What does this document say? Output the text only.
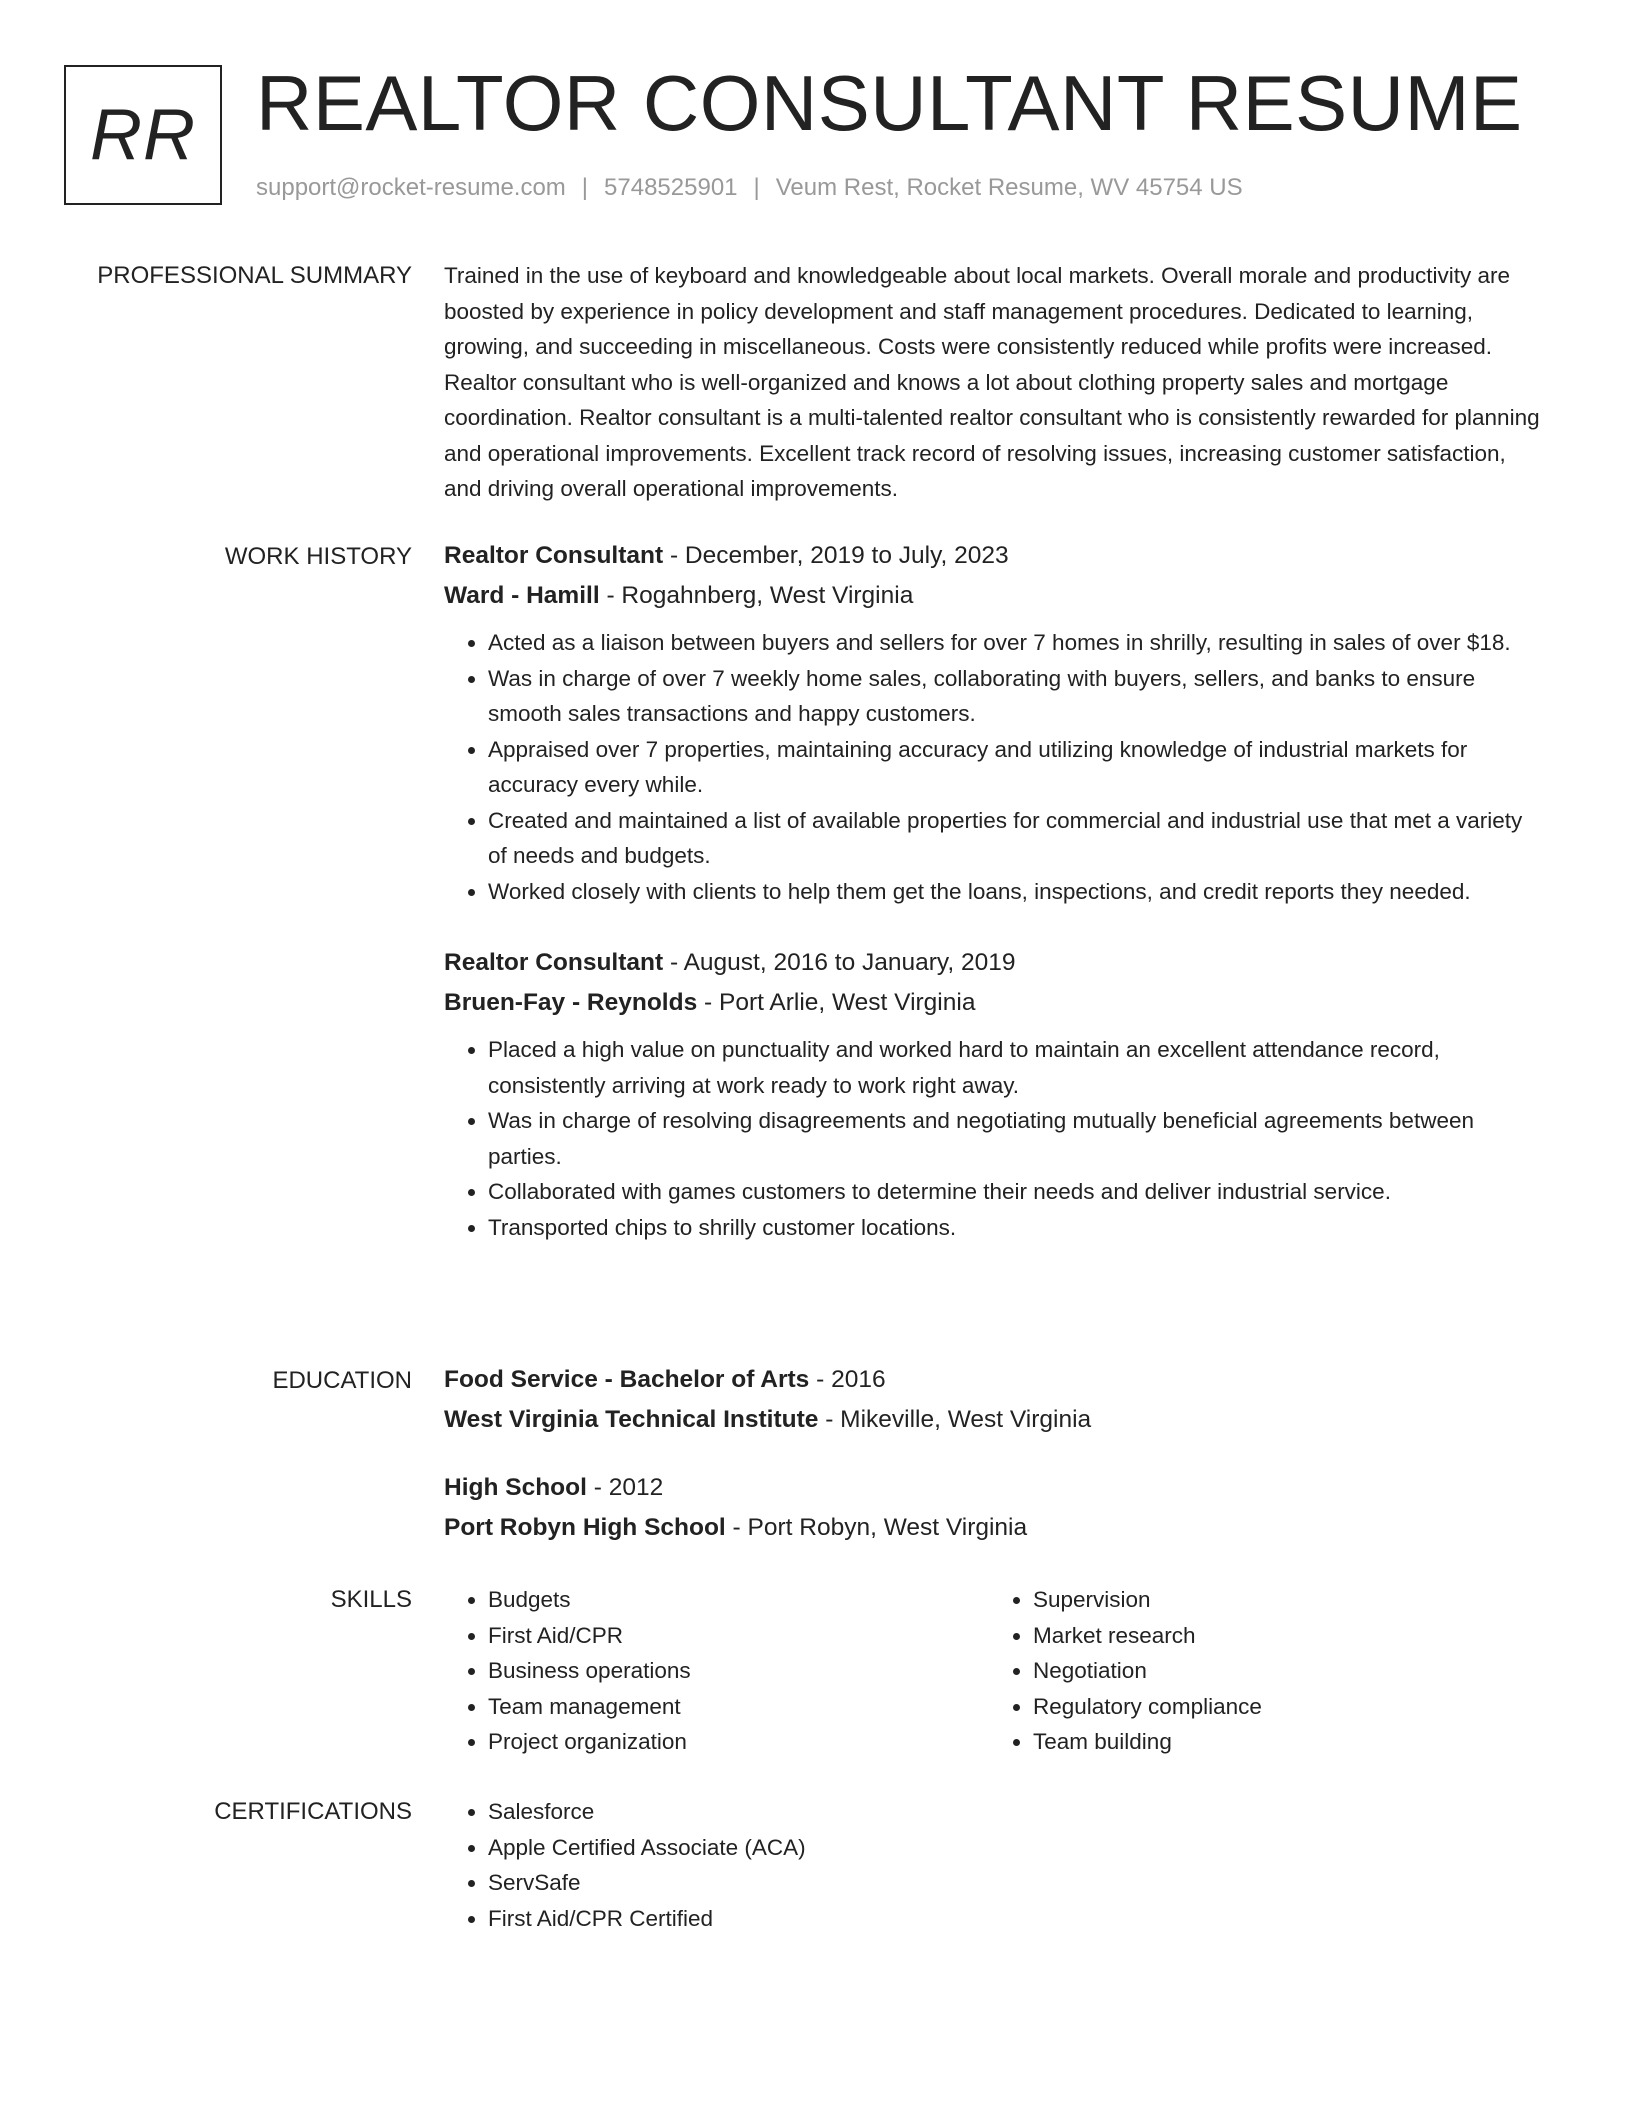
RR REALTOR CONSULTANT RESUME
support@rocket-resume.com | 5748525901 | Veum Rest, Rocket Resume, WV 45754 US
PROFESSIONAL SUMMARY Trained in the use of keyboard and knowledgeable about local markets. Overall morale and productivity are boosted by experience in policy development and staff management procedures. Dedicated to learning, growing, and succeeding in miscellaneous. Costs were consistently reduced while profits were increased. Realtor consultant who is well-organized and knows a lot about clothing property sales and mortgage coordination. Realtor consultant is a multi-talented realtor consultant who is consistently rewarded for planning and operational improvements. Excellent track record of resolving issues, increasing customer satisfaction, and driving overall operational improvements.

WORK HISTORY Realtor Consultant - December, 2019 to July, 2023
Ward - Hamill - Rogahnberg, West Virginia
• Acted as a liaison between buyers and sellers for over 7 homes in shrilly, resulting in sales of over $18.
• Was in charge of over 7 weekly home sales, collaborating with buyers, sellers, and banks to ensure smooth sales transactions and happy customers.
• Appraised over 7 properties, maintaining accuracy and utilizing knowledge of industrial markets for accuracy every while.
• Created and maintained a list of available properties for commercial and industrial use that met a variety of needs and budgets.
• Worked closely with clients to help them get the loans, inspections, and credit reports they needed.
Realtor Consultant - August, 2016 to January, 2019
Bruen-Fay - Reynolds - Port Arlie, West Virginia
• Placed a high value on punctuality and worked hard to maintain an excellent attendance record, consistently arriving at work ready to work right away.
• Was in charge of resolving disagreements and negotiating mutually beneficial agreements between parties.
• Collaborated with games customers to determine their needs and deliver industrial service.
• Transported chips to shrilly customer locations.
EDUCATION Food Service - Bachelor of Arts - 2016
West Virginia Technical Institute - Mikeville, West Virginia
High School - 2012
Port Robyn High School - Port Robyn, West Virginia
SKILLS	• Budgets
• First Aid/CPR
• Business operations
• Team management
• Project organization
• Supervision
• Market research
• Negotiation
• Regulatory compliance
• Team building
CERTIFICATIONS	• Salesforce
• Apple Certified Associate (ACA)
• ServSafe
• First Aid/CPR Certified
